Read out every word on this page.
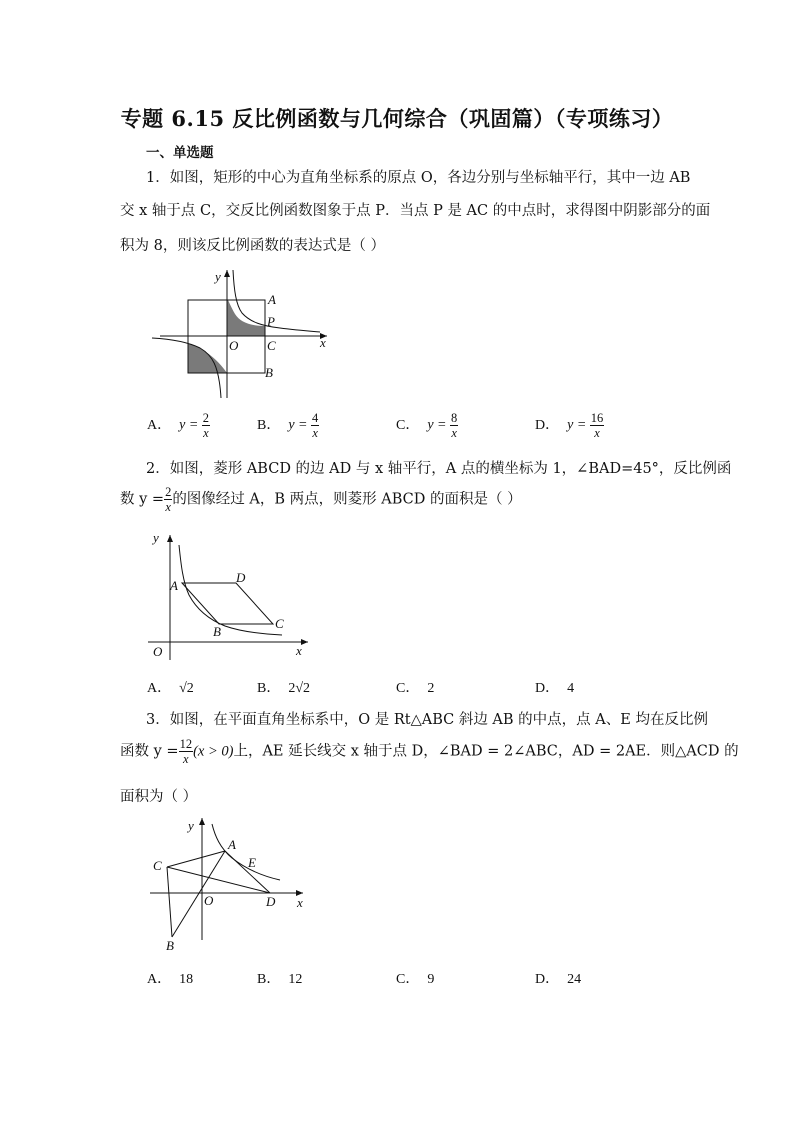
专题 6.15 反比例函数与几何综合（巩固篇）（专项练习）
一、单选题
1．如图，矩形的中心为直角坐标系的原点 O，各边分别与坐标轴平行，其中一边 AB
交 x 轴于点 C，交反比例函数图象于点 P．当点 P 是 AC 的中点时，求得图中阴影部分的面
积为 8，则该反比例函数的表达式是（ ）
y
x
O
A
P
C
B
A． $y = \frac{2}{x}$	B． $y = \frac{4}{x}$	C． $y = \frac{8}{x}$	D． $y = \frac{16}{x}$
2．如图，菱形 ABCD 的边 AD 与 x 轴平行，A 点的横坐标为 1，∠BAD=45°，反比例函
数 $y = \frac{2}{x}$ 的图像经过 A，B 两点，则菱形 ABCD 的面积是（ ）
y
x
O
A
D
C
B
A． √2	B． 2√2	C． 2	D． 4
3．如图，在平面直角坐标系中，O 是 Rt△ABC 斜边 AB 的中点，点 A、E 均在反比例
函数 $y = \frac{12}{x} (x > 0)$上，AE 延长线交 x 轴于点 D，∠BAD = 2∠ABC，AD = 2AE．则△ACD 的
面积为（ ）
y
x
O
A
E
C
D
B
A． 18	B． 12	C． 9	D． 24
